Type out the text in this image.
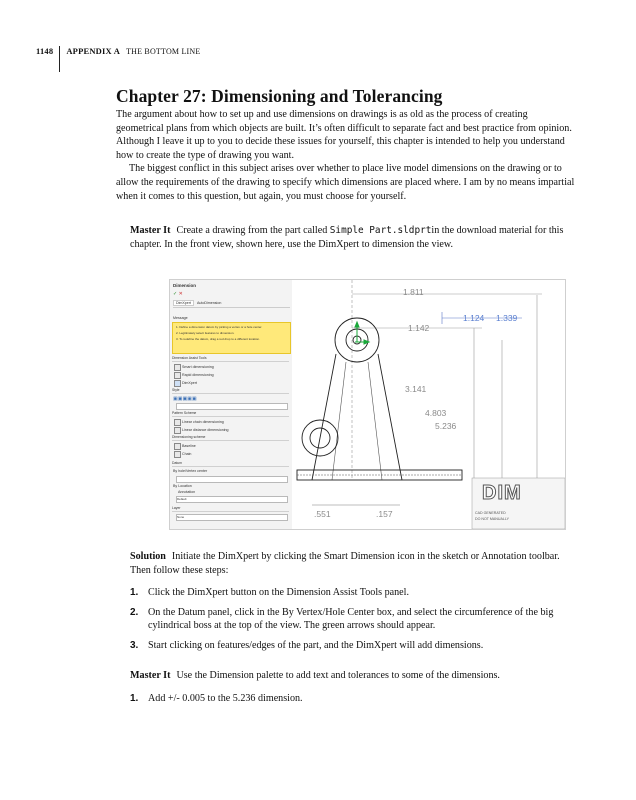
1148 APPENDIX A THE BOTTOM LINE
Chapter 27: Dimensioning and Tolerancing

The argument about how to set up and use dimensions on drawings is as old as the process of creating geometrical plans from which objects are built. It’s often difficult to separate fact and best practice from opinion. Although I leave it up to you to decide these issues for yourself, this chapter is intended to help you understand how to create the type of drawing you want.

The biggest conflict in this subject arises over whether to place live model dimensions on the drawing or to allow the requirements of the drawing to specify which dimensions are placed where. I am by no means impartial when it comes to this question, but again, you must choose for yourself.

Master It Create a drawing from the part called Simple Part.sldprtin the download material for this chapter. In the front view, shown here, use the DimXpert to dimension the view.

Dimension
✓ ✕
DimXpert AutoDimension
Message
1. Define a dimension datum by picking a vertex or a hole center.
2. Legitimately select features to dimension.
3. To redefine the datum, drag a red drop to a different location.
Dimension Assist Tools
Smart dimensioning
Rapid dimensioning
DimXpert
Style
▣▣▣▣▣
Pattern Scheme
Linear chain dimensioning
Linear distance dimensioning
Dimensioning scheme
Baseline
Chain
Datum
By hole/Vertex center
By Location
Annotation
Default
Layer
None
1.811
1.124 1.339
1.142
3.141
4.803
5.236
.551	.157
DIM
CAD GENERATED
DO NOT MANUALLY

Solution Initiate the DimXpert by clicking the Smart Dimension icon in the sketch or Annotation toolbar. Then follow these steps:

1. Click the DimXpert button on the Dimension Assist Tools panel.
2. On the Datum panel, click in the By Vertex/Hole Center box, and select the circumference of the big cylindrical boss at the top of the view. The green arrows should appear.
3. Start clicking on features/edges of the part, and the DimXpert will add dimensions.

Master It Use the Dimension palette to add text and tolerances to some of the dimensions.

1. Add +/- 0.005 to the 5.236 dimension.
